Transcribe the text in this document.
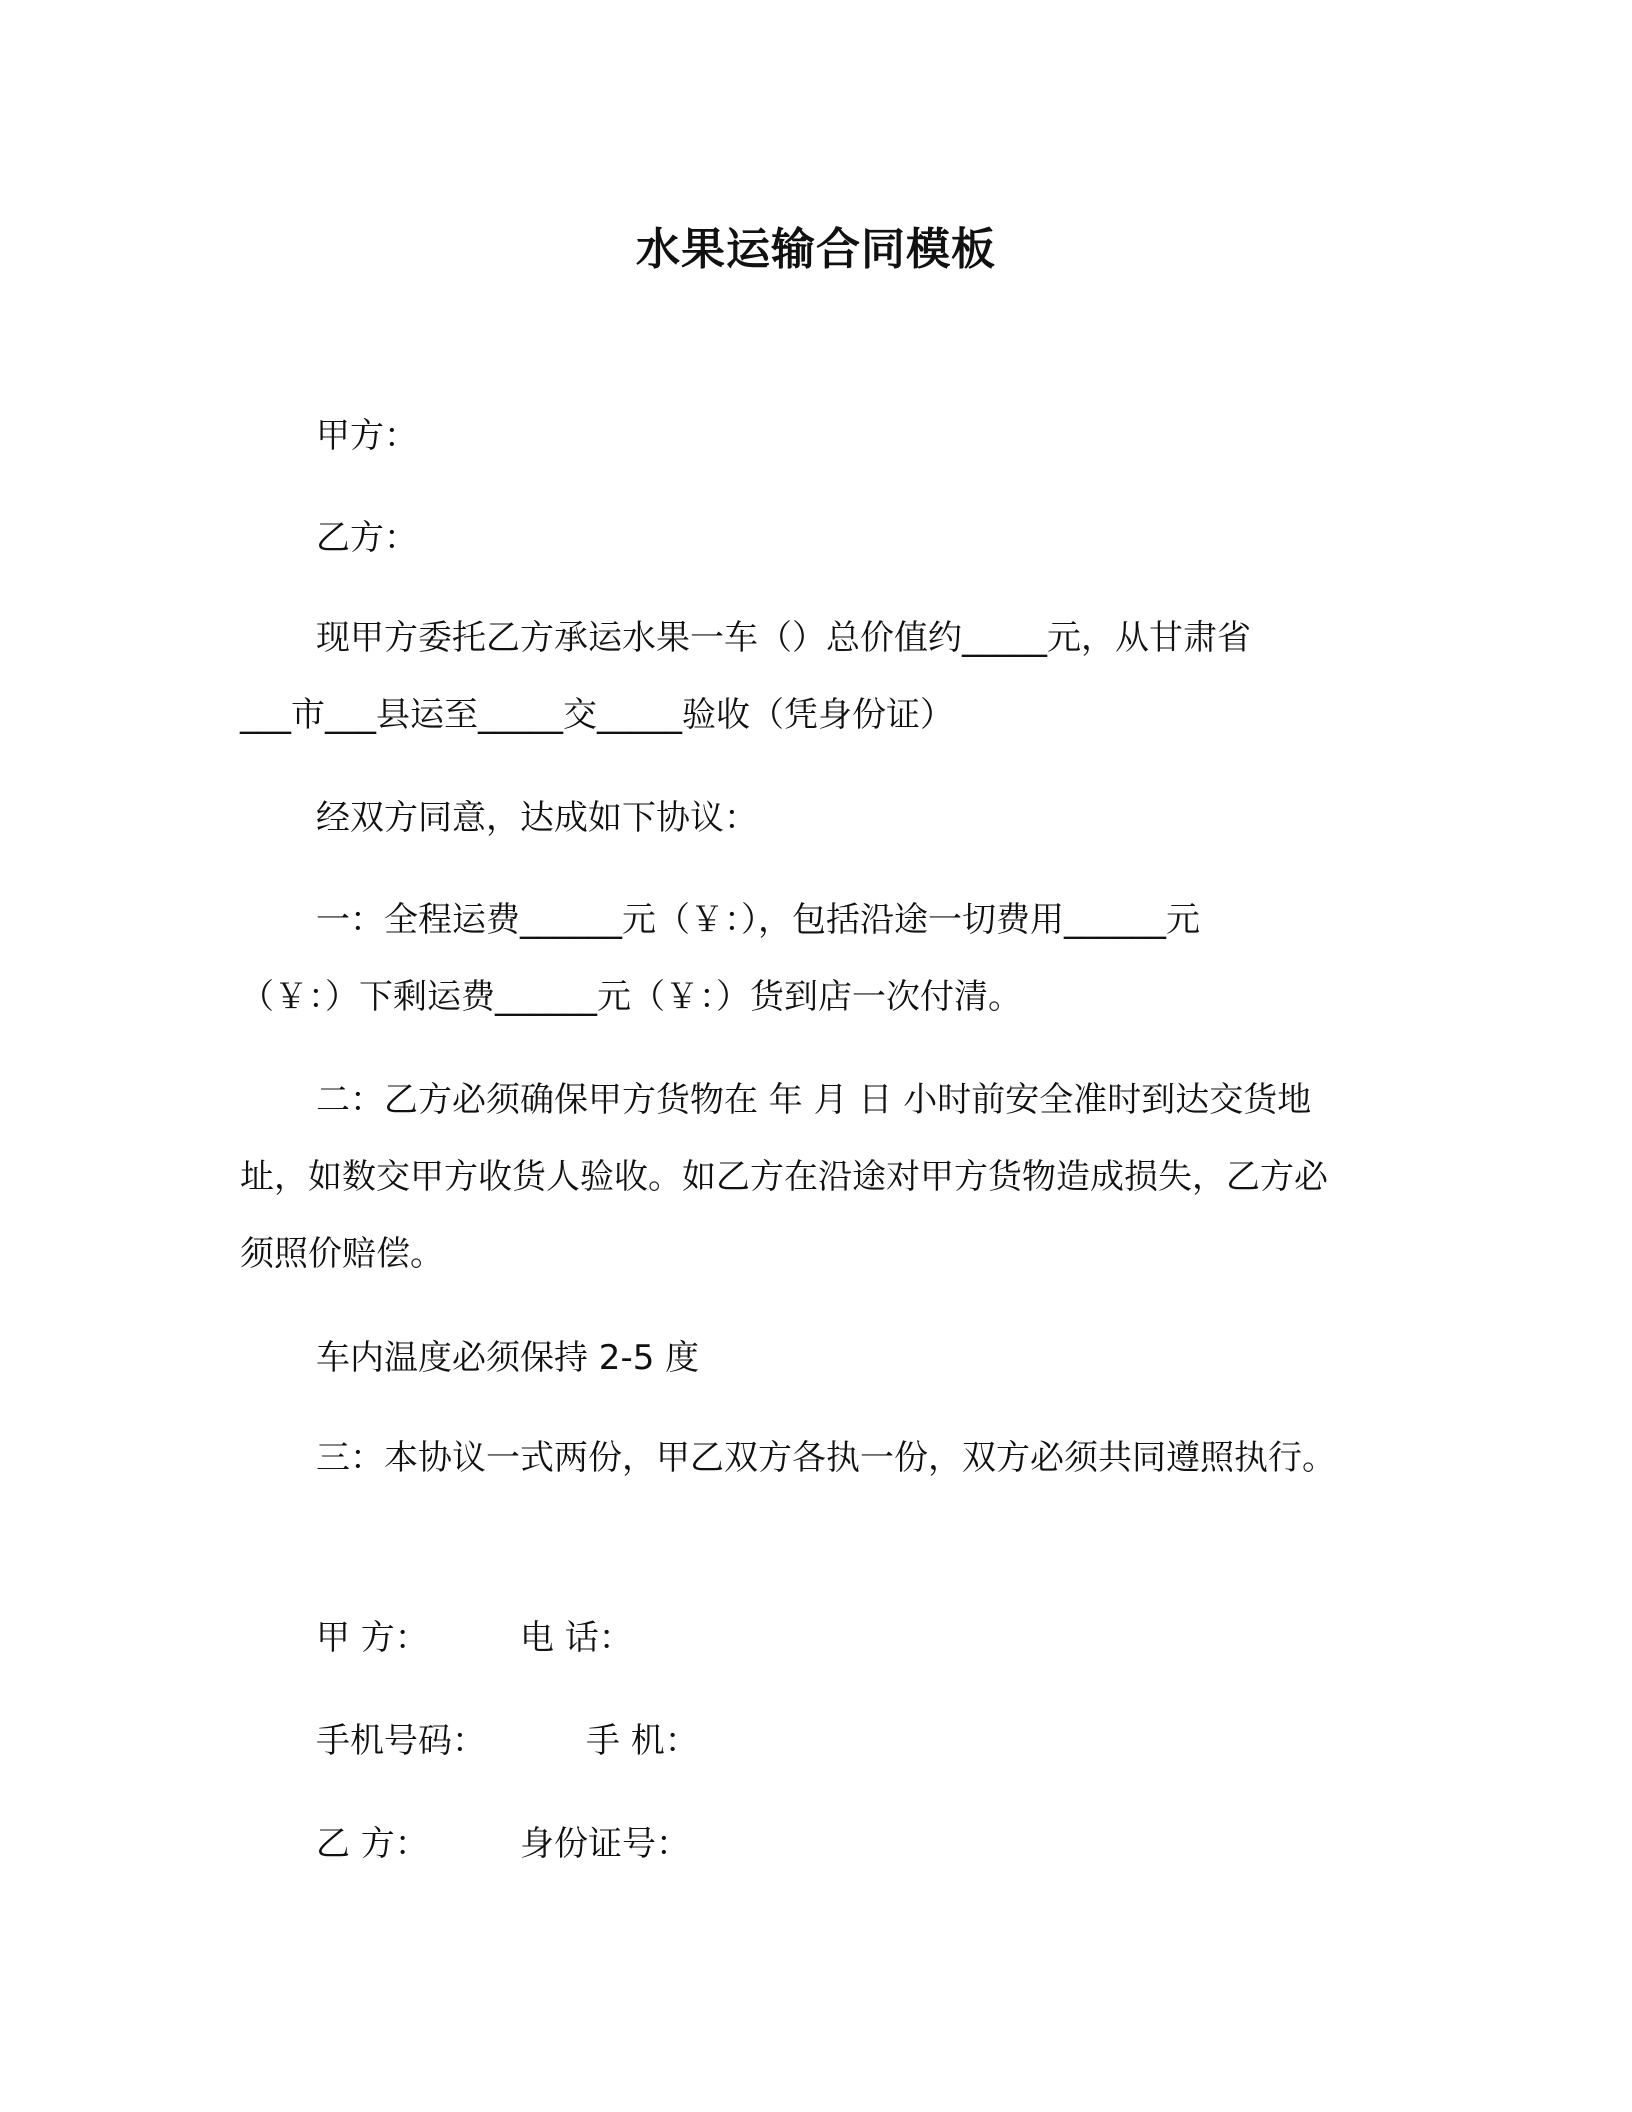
水果运输合同模板
甲方：
乙方：
现甲方委托乙方承运水果一车（）总价值约_____元，从甘肃省
___市___县运至_____交_____验收（凭身份证）
经双方同意，达成如下协议：
一：全程运费______元（￥：），包括沿途一切费用______元
（￥：）下剩运费______元（￥：）货到店一次付清。
二：乙方必须确保甲方货物在 年 月 日 小时前安全准时到达交货地址，如数交甲方收货人验收。如乙方在沿途对甲方货物造成损失，乙方必须照价赔偿。
车内温度必须保持 2-5 度
三：本协议一式两份，甲乙双方各执一份，双方必须共同遵照执行。
甲 方：	电 话：
手机号码：	手 机：
乙 方：	身份证号：
